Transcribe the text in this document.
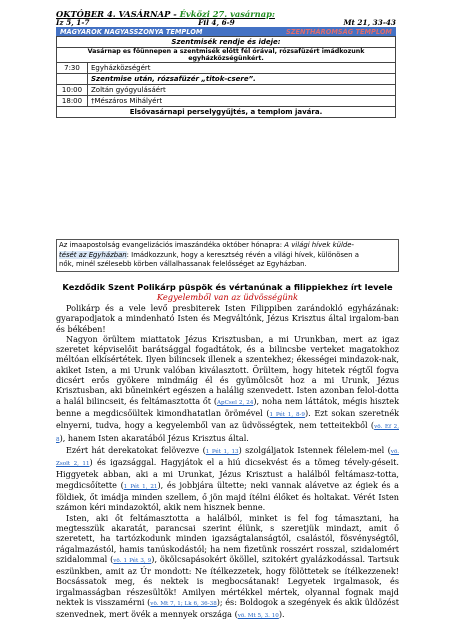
OKTÓBER 4. VASÁRNAP - Évközi 27. vasárnap:
Iz 5, 1-7	Fil 4, 6-9	Mt 21, 33-43
MAGYAROK NAGYASSZONYA TEMPLOM	SZENTHÁROMSÁG TEMPLOM
Szentmisék rendje és ideje:	
Vasárnap es főünnepen a szentmisék előtt fél órával, rózsafüzért imádkozunk egyházközségünkért.	
7:30	Egyházközségért
	Szentmise után, rózsafüzér „titok-csere”.
10:00	Zoltán gyógyulásáért
18:00	†Mészáros Mihályért
Elsővasárnapi perselygyűjtés, a templom javára.	
Az imaapostolság evangelizációs imaszándéka október hónapra: A világi hívek külde-
tését az Egyházban: Imádkozzunk, hogy a keresztség révén a világi hívek, különösen a
nők, minél szélesebb körben vállalhassanak felelősséget az Egyházban.
Kezdődik Szent Polikárp püspök és vértanúnak a filippiekhez írt levele
Kegyelemből van az üdvösségünk

Polikárp és a vele levő presbiterek Isten Filippiben zarándokló egyházának: gyarapodjatok a mindenható Isten és Megváltónk, Jézus Krisztus által irgalom-ban és békében!

Nagyon örültem miattatok Jézus Krisztusban, a mi Urunkban, mert az igaz szeretet képviselőit barátsággal fogadtátok, és a bilincsbe verteket magatokhoz méltóan elkísértétek. Ilyen bilincsek illenek a szentekhez; ékességei mindazok-nak, akiket Isten, a mi Urunk valóban kiválasztott. Örültem, hogy hitetek régtől fogva dicsért erős gyökere mindmáig él és gyümölcsöt hoz a mi Urunk, Jézus Krisztusban, aki bűneinkért egészen a halálig szenvedett. Isten azonban felol-dotta a halál bilincseit, és feltámasztotta őt (ApCsel 2, 24), noha nem láttátok, mégis hisztek benne a megdicsőültek kimondhatatlan örömével (1 Pét 1, 8-9). Ezt sokan szeretnék elnyerni, tudva, hogy a kegyelemből van az üdvösségtek, nem tetteitekből (vö. Ef 2, 8), hanem Isten akaratából Jézus Krisztus által.

Ezért hát derekatokat felövezve (1 Pét 1, 13) szolgáljatok Istennek félelem-mel (vö. Zsolt 2, 11) és igazsággal. Hagyjátok el a hiú dicsekvést és a tömeg tévely-géseit. Higgyetek abban, aki a mi Urunkat, Jézus Krisztust a halálból feltámasz-totta, megdicsőítette (1 Pét 1, 21), és jobbjára ültette; neki vannak alávetve az égiek és a földiek, őt imádja minden szellem, ő jön majd ítélni élőket és holtakat. Vérét Isten számon kéri mindazoktól, akik nem hisznek benne.

Isten, aki őt feltámasztotta a halálból, minket is fel fog támasztani, ha megtesszük akaratát, parancsai szerint élünk, s szeretjük mindazt, amit ő szeretett, ha tartózkodunk minden igazságtalanságtól, csalástól, fösvénységtől, rágalmazástól, hamis tanúskodástól; ha nem fizetünk rosszért rosszal, szidalomért szidalommal (vö. 1 Pét 3, 9), ökölcsapásokért ököllel, szitokért gyalázkodással. Tartsuk eszünkben, amit az Úr mondott: Ne ítélkezzetek, hogy fölöttetek se ítélkezzenek! Bocsássatok meg, és nektek is megbocsátanak! Legyetek irgalmasok, és irgalmasságban részesültök! Amilyen mértékkel mértek, olyannal fognak majd nektek is visszamérni (vö. Mt 7, 1; Lk 6, 36-38); és: Boldogok a szegények és akik üldözést szenvednek, mert övék a mennyek országa (vö. Mt 5, 3. 10).
